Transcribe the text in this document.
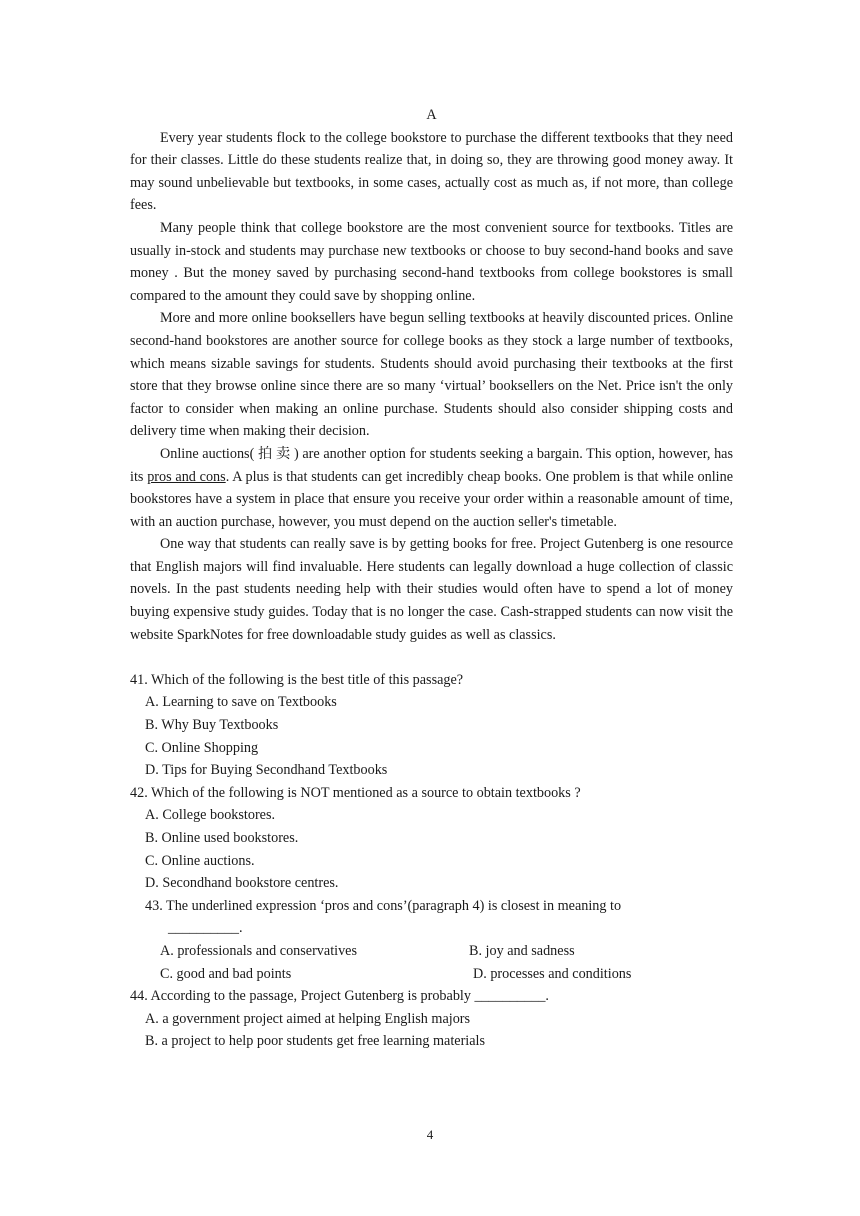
A

Every year students flock to the college bookstore to purchase the different textbooks that they need for their classes. Little do these students realize that, in doing so, they are throwing good money away. It may sound unbelievable but textbooks, in some cases, actually cost as much as, if not more, than college fees.

Many people think that college bookstore are the most convenient source for textbooks. Titles are usually in-stock and students may purchase new textbooks or choose to buy second-hand books and save money . But the money saved by purchasing second-hand textbooks from college bookstores is small compared to the amount they could save by shopping online.

More and more online booksellers have begun selling textbooks at heavily discounted prices. Online second-hand bookstores are another source for college books as they stock a large number of textbooks, which means sizable savings for students. Students should avoid purchasing their textbooks at the first store that they browse online since there are so many ‘virtual’ booksellers on the Net. Price isn't the only factor to consider when making an online purchase. Students should also consider shipping costs and delivery time when making their decision.

Online auctions( 拍 卖 ) are another option for students seeking a bargain. This option, however, has its pros and cons. A plus is that students can get incredibly cheap books. One problem is that while online bookstores have a system in place that ensure you receive your order within a reasonable amount of time, with an auction purchase, however, you must depend on the auction seller's timetable.

One way that students can really save is by getting books for free. Project Gutenberg is one resource that English majors will find invaluable. Here students can legally download a huge collection of classic novels. In the past students needing help with their studies would often have to spend a lot of money buying expensive study guides. Today that is no longer the case. Cash-strapped students can now visit the website SparkNotes for free downloadable study guides as well as classics.

41. Which of the following is the best title of this passage?
A. Learning to save on Textbooks
B. Why Buy Textbooks
C. Online Shopping
D. Tips for Buying Secondhand Textbooks
42. Which of the following is NOT mentioned as a source to obtain textbooks ?
A. College bookstores.
B. Online used bookstores.
C. Online auctions.
D. Secondhand bookstore centres.
43. The underlined expression ‘pros and cons’(paragraph 4) is closest in meaning to
__________.
A. professionals and conservatives	B. joy and sadness
C. good and bad points	D. processes and conditions
44. According to the passage, Project Gutenberg is probably __________.
A. a government project aimed at helping English majors
B. a project to help poor students get free learning materials
4
